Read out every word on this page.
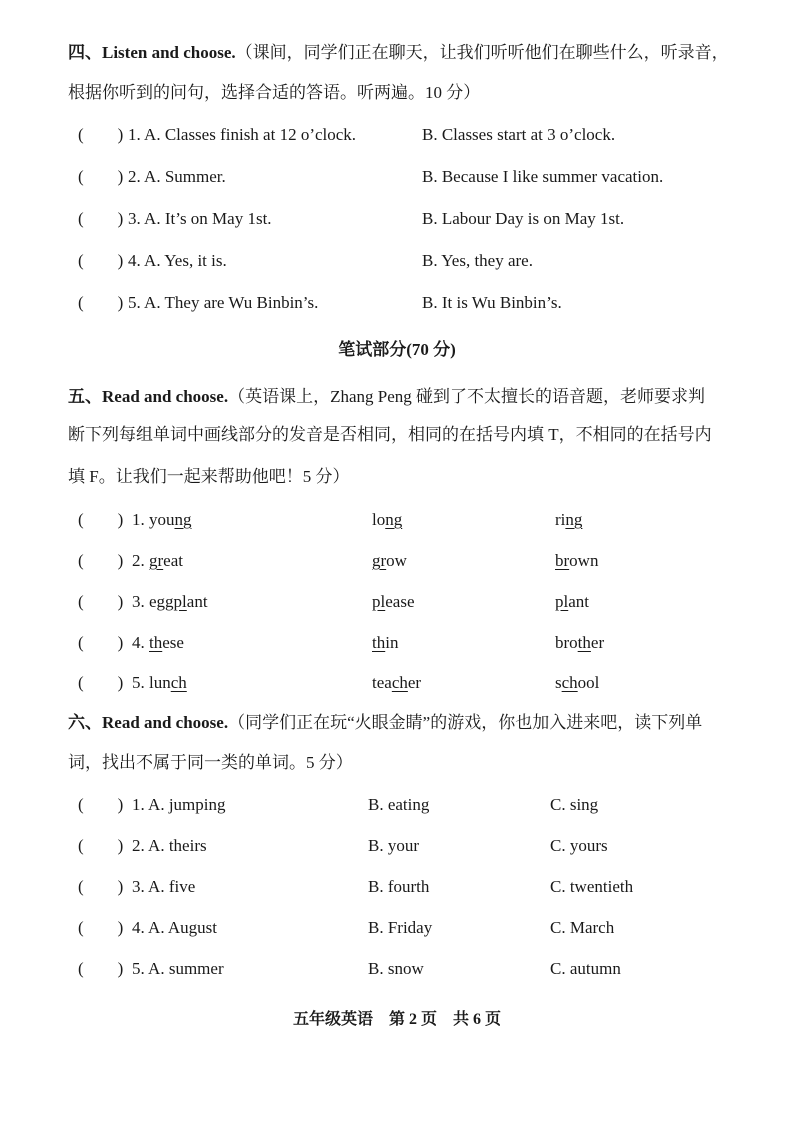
四、Listen and choose.（课间，同学们正在聊天，让我们听听他们在聊些什么，听录音，
根据你听到的问句，选择合适的答语。听两遍。10 分）
(　　) 1. A. Classes finish at 12 o’clock.	B. Classes start at 3 o’clock.
(　　) 2. A. Summer.	B. Because I like summer vacation.
(　　) 3. A. It’s on May 1st.	B. Labour Day is on May 1st.
(　　) 4. A. Yes, it is.	B. Yes, they are.
(　　) 5. A. They are Wu Binbin’s.	B. It is Wu Binbin’s.
笔试部分(70 分)
五、Read and choose.（英语课上，Zhang Peng 碰到了不太擅长的语音题，老师要求判
断下列每组单词中画线部分的发音是否相同，相同的在括号内填 T，不相同的在括号内
填 F。让我们一起来帮助他吧！5 分）
(　　) 1. young	long	ring
(　　) 2. great	grow	brown
(　　) 3. eggplant	please	plant
(　　) 4. these	thin	brother
(　　) 5. lunch	teacher	school
六、Read and choose.（同学们正在玩“火眼金睛”的游戏，你也加入进来吧，读下列单
词，找出不属于同一类的单词。5 分）
(　　) 1. A. jumping	B. eating	C. sing
(　　) 2. A. theirs	B. your	C. yours
(　　) 3. A. five	B. fourth	C. twentieth
(　　) 4. A. August	B. Friday	C. March
(　　) 5. A. summer	B. snow	C. autumn
五年级英语　第 2 页　共 6 页
